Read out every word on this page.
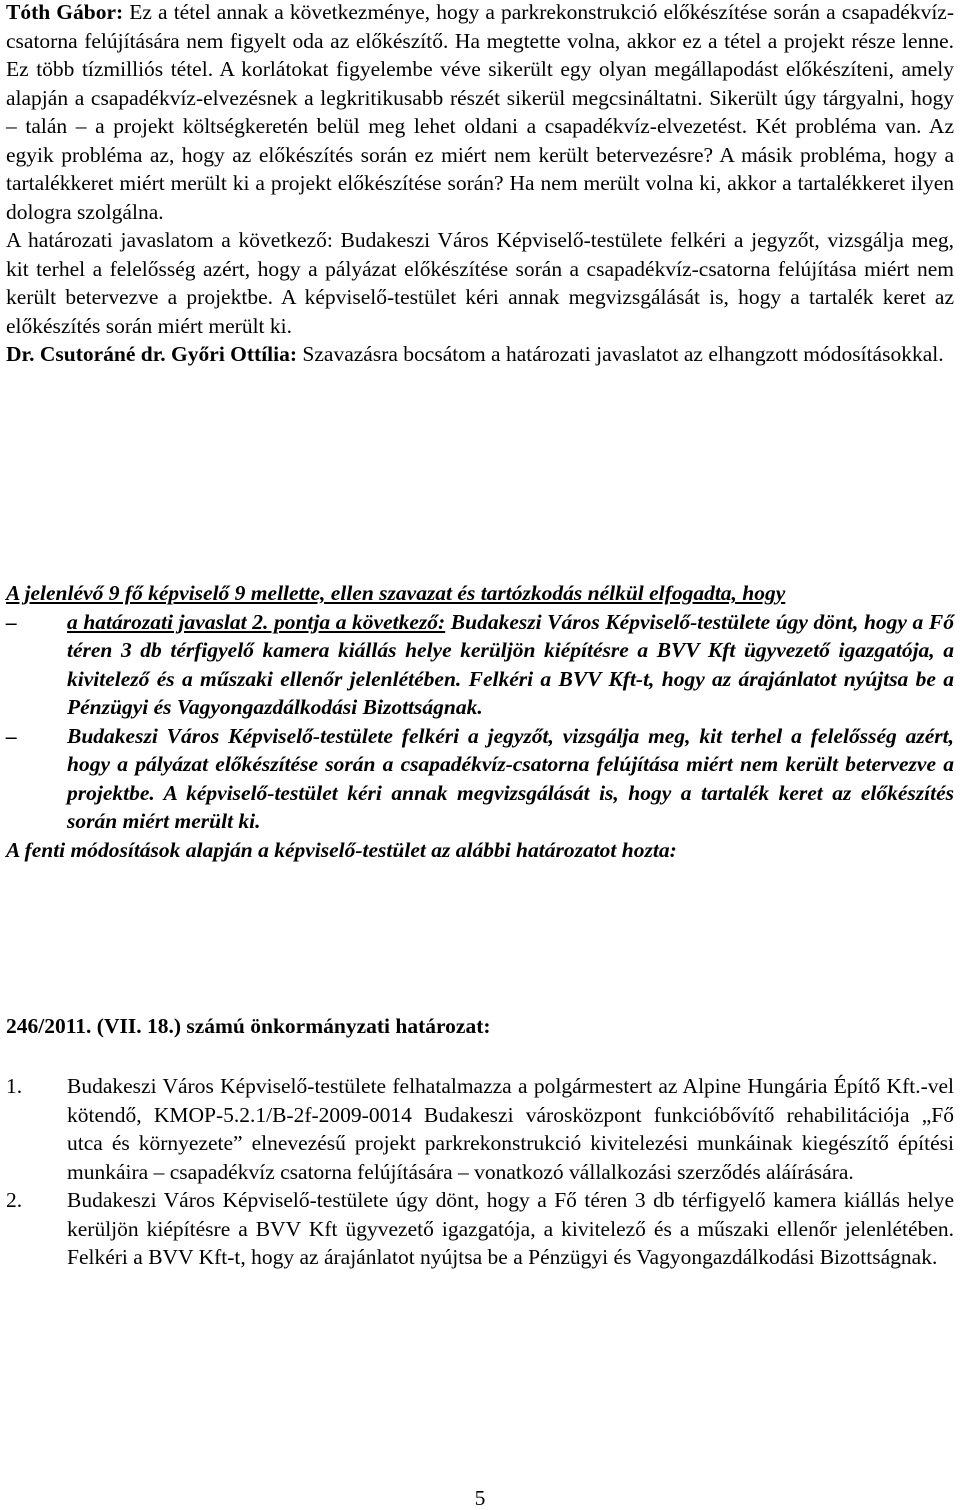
Tóth Gábor: Ez a tétel annak a következménye, hogy a parkrekonstrukció előkészítése során a csapadékvíz-csatorna felújítására nem figyelt oda az előkészítő. Ha megtette volna, akkor ez a tétel a projekt része lenne. Ez több tízmilliós tétel. A korlátokat figyelembe véve sikerült egy olyan megállapodást előkészíteni, amely alapján a csapadékvíz-elvezésnek a legkritikusabb részét sikerül megcsináltatni. Sikerült úgy tárgyalni, hogy – talán – a projekt költségkeretén belül meg lehet oldani a csapadékvíz-elvezetést. Két probléma van. Az egyik probléma az, hogy az előkészítés során ez miért nem került betervezésre? A másik probléma, hogy a tartalékkeret miért merült ki a projekt előkészítése során? Ha nem merült volna ki, akkor a tartalékkeret ilyen dologra szolgálna.

A határozati javaslatom a következő: Budakeszi Város Képviselő-testülete felkéri a jegyzőt, vizsgálja meg, kit terhel a felelősség azért, hogy a pályázat előkészítése során a csapadékvíz-csatorna felújítása miért nem került betervezve a projektbe. A képviselő-testület kéri annak megvizsgálását is, hogy a tartalék keret az előkészítés során miért merült ki.

Dr. Csutoráné dr. Győri Ottília: Szavazásra bocsátom a határozati javaslatot az elhangzott módosításokkal.

A jelenlévő 9 fő képviselő 9 mellette, ellen szavazat és tartózkodás nélkül elfogadta, hogy

–	a határozati javaslat 2. pontja a következő: Budakeszi Város Képviselő-testülete úgy dönt, hogy a Fő téren 3 db térfigyelő kamera kiállás helye kerüljön kiépítésre a BVV Kft ügyvezető igazgatója, a kivitelező és a műszaki ellenőr jelenlétében. Felkéri a BVV Kft-t, hogy az árajánlatot nyújtsa be a Pénzügyi és Vagyongazdálkodási Bizottságnak.

–	Budakeszi Város Képviselő-testülete felkéri a jegyzőt, vizsgálja meg, kit terhel a felelősség azért, hogy a pályázat előkészítése során a csapadékvíz-csatorna felújítása miért nem került betervezve a projektbe. A képviselő-testület kéri annak megvizsgálását is, hogy a tartalék keret az előkészítés során miért merült ki.

A fenti módosítások alapján a képviselő-testület az alábbi határozatot hozta:

246/2011. (VII. 18.) számú önkormányzati határozat:

1. Budakeszi Város Képviselő-testülete felhatalmazza a polgármestert az Alpine Hungária Építő Kft.-vel kötendő, KMOP-5.2.1/B-2f-2009-0014 Budakeszi városközpont funkcióbővítő rehabilitációja „Fő utca és környezete” elnevezésű projekt parkrekonstrukció kivitelezési munkáinak kiegészítő építési munkáira – csapadékvíz csatorna felújítására – vonatkozó vállalkozási szerződés aláírására.

2. Budakeszi Város Képviselő-testülete úgy dönt, hogy a Fő téren 3 db térfigyelő kamera kiállás helye kerüljön kiépítésre a BVV Kft ügyvezető igazgatója, a kivitelező és a műszaki ellenőr jelenlétében. Felkéri a BVV Kft-t, hogy az árajánlatot nyújtsa be a Pénzügyi és Vagyongazdálkodási Bizottságnak.

5
